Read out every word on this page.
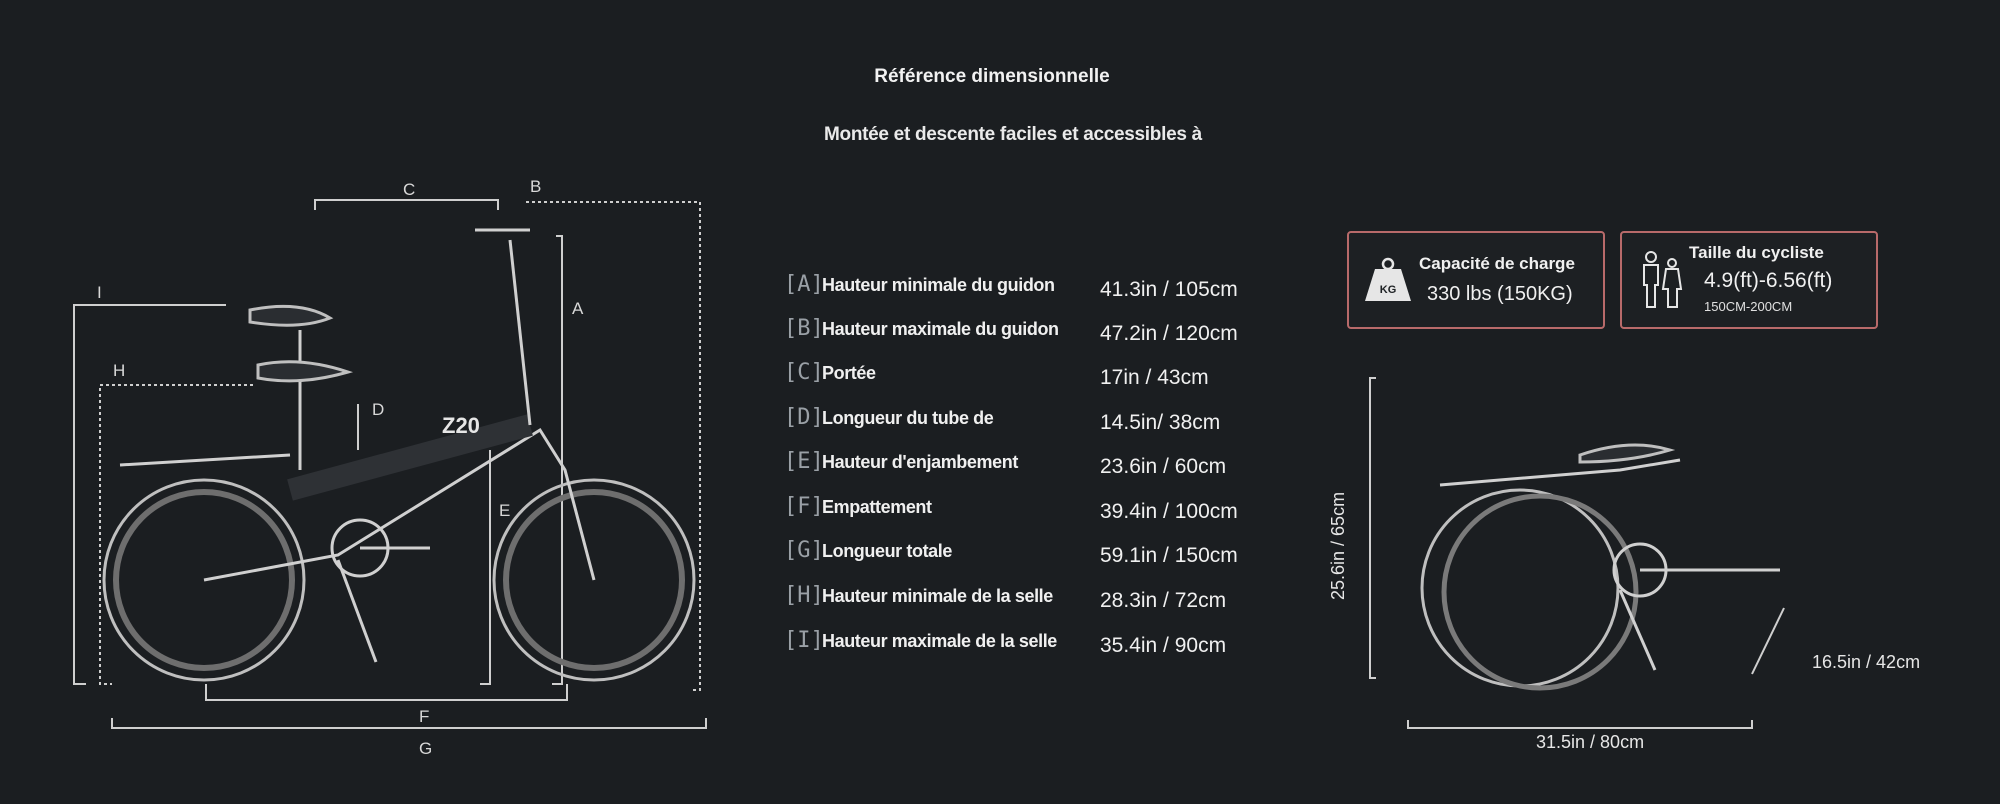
Référence dimensionnelle
Montée et descente faciles et accessibles à
Z20
C	B
A
I
H
D
E
F
G
[A]
Hauteur minimale du guidon 41.3in / 105cm
[B]
Hauteur maximale du guidon 47.2in / 120cm
[C]
Portée	17in / 43cm
[D]
Longueur du tube de	14.5in/ 38cm
[E]
Hauteur d'enjambement	23.6in / 60cm
[F]
Empattement	39.4in / 100cm
[G]
Longueur totale	59.1in / 150cm
[H]
Hauteur minimale de la selle 28.3in / 72cm
[I]
Hauteur maximale de la selle 35.4in / 90cm
KG
Capacité de charge
330 lbs (150KG)
Taille du cycliste
4.9(ft)-6.56(ft)
150CM-200CM
25.6in / 65cm
16.5in / 42cm
31.5in / 80cm
